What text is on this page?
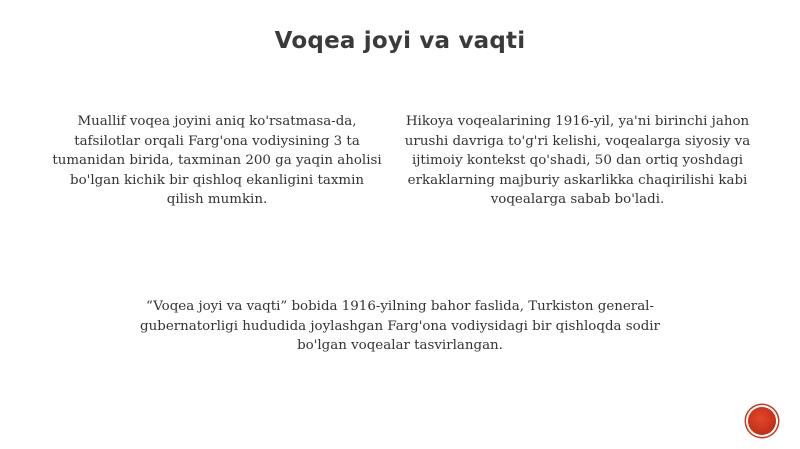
Voqea joyi va vaqti

Muallif voqea joyini aniq ko'rsatmasa-da, tafsilotlar orqali Farg'ona vodiysining 3 ta tumanidan birida, taxminan 200 ga yaqin aholisi bo'lgan kichik bir qishloq ekanligini taxmin qilish mumkin.

Hikoya voqealarining 1916-yil, ya'ni birinchi jahon urushi davriga to'g'ri kelishi, voqealarga siyosiy va ijtimoiy kontekst qo'shadi, 50 dan ortiq yoshdagi erkaklarning majburiy askarlikka chaqirilishi kabi voqealarga sabab bo'ladi.

“Voqea joyi va vaqti” bobida 1916-yilning bahor faslida, Turkiston general-gubernatorligi hududida joylashgan Farg'ona vodiysidagi bir qishloqda sodir bo'lgan voqealar tasvirlangan.
